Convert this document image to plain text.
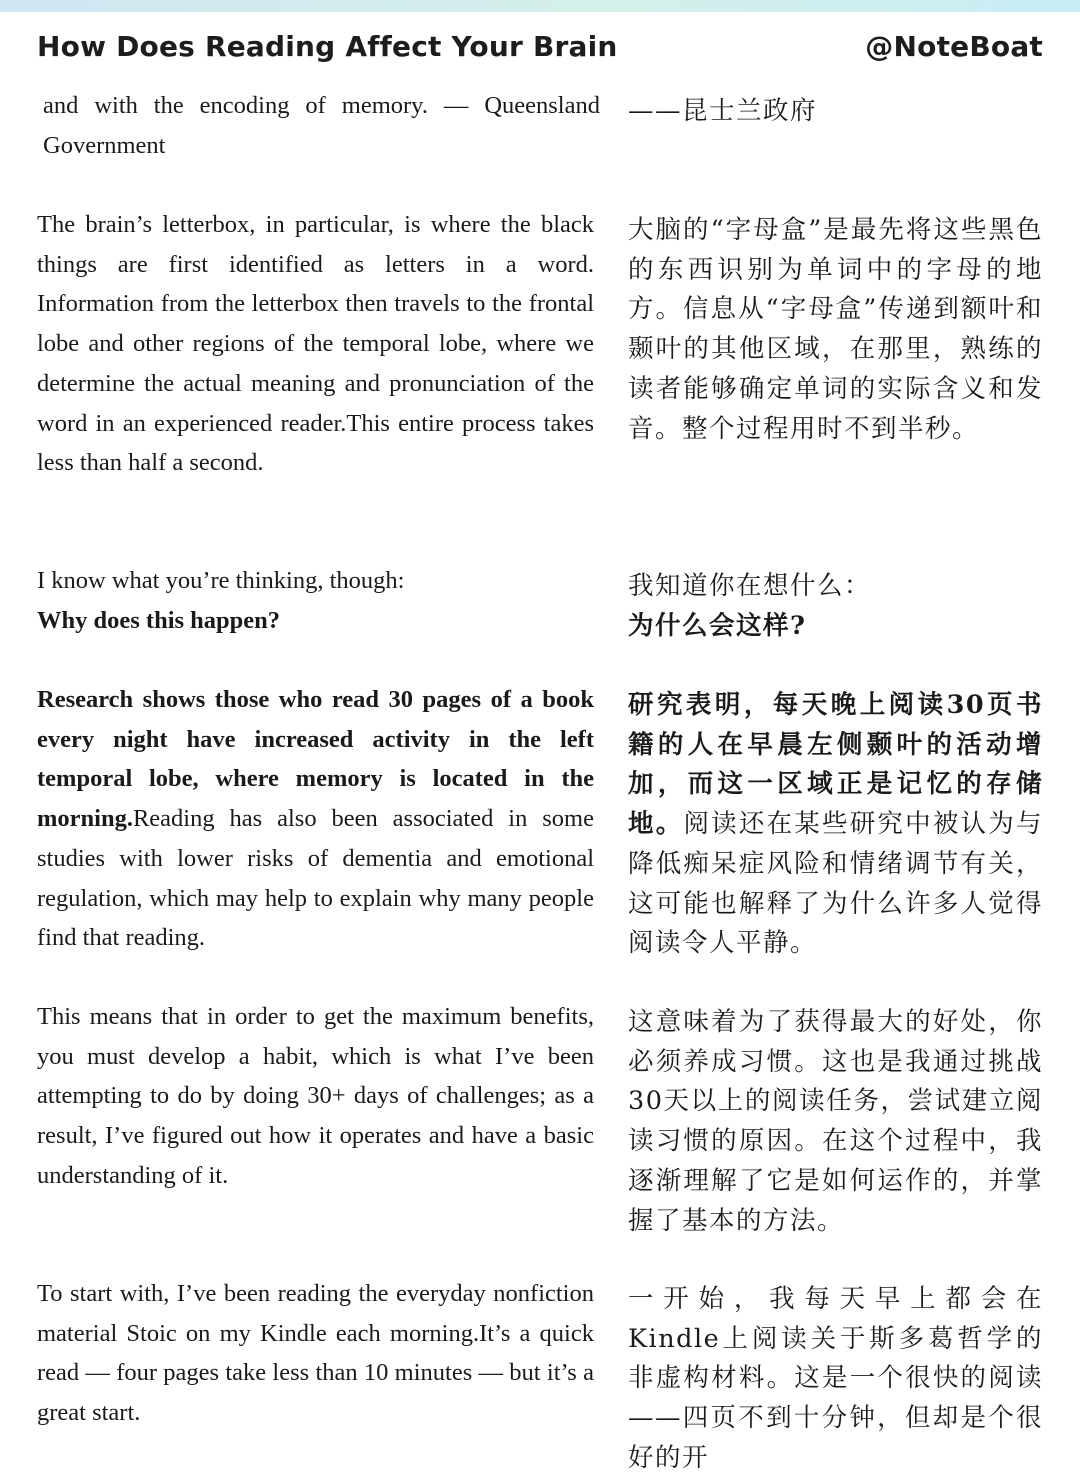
How Does Reading Affect Your Brain	@NoteBoat

and with the encoding of memory. — Queensland Government

——昆士兰政府

The brain’s letterbox, in particular, is where the black things are first identified as letters in a word. Information from the letterbox then travels to the frontal lobe and other regions of the temporal lobe, where we determine the actual meaning and pronunciation of the word in an experienced reader.This entire process takes less than half a second.

大脑的“字母盒”是最先将这些黑色的东西识别为单词中的字母的地方。信息从“字母盒”传递到额叶和颞叶的其他区域，在那里，熟练的读者能够确定单词的实际含义和发音。整个过程用时不到半秒。

I know what you’re thinking, though:

Why does this happen?

我知道你在想什么：

为什么会这样?

Research shows those who read 30 pages of a book every night have increased activity in the left temporal lobe, where memory is located in the morning.Reading has also been associated in some studies with lower risks of dementia and emotional regulation, which may help to explain why many people find that reading.

研究表明，每天晚上阅读30页书籍的人在早晨左侧颞叶的活动增加，而这一区域正是记忆的存储地。阅读还在某些研究中被认为与降低痴呆症风险和情绪调节有关，这可能也解释了为什么许多人觉得阅读令人平静。

This means that in order to get the maximum benefits, you must develop a habit, which is what I’ve been attempting to do by doing 30+ days of challenges; as a result, I’ve figured out how it operates and have a basic understanding of it.

这意味着为了获得最大的好处，你必须养成习惯。这也是我通过挑战30天以上的阅读任务，尝试建立阅读习惯的原因。在这个过程中，我逐渐理解了它是如何运作的，并掌握了基本的方法。

To start with, I’ve been reading the everyday nonfiction material Stoic on my Kindle each morning.It’s a quick read — four pages take less than 10 minutes — but it’s a great start.

一开始，我每天早上都会在Kindle上阅读关于斯多葛哲学的非虚构材料。这是一个很快的阅读——四页不到十分钟，但却是个很好的开
